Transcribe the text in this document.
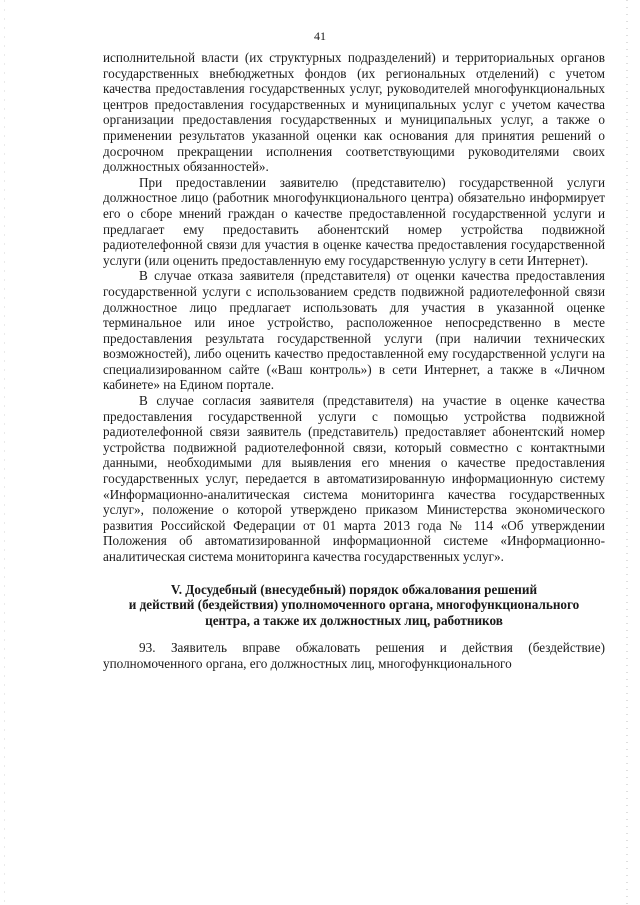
41

исполнительной власти (их структурных подразделений) и территориальных органов государственных внебюджетных фондов (их региональных отделений) с учетом качества предоставления государственных услуг, руководителей многофункциональных центров предоставления государственных и муниципальных услуг с учетом качества организации предоставления государственных и муниципальных услуг, а также о применении результатов указанной оценки как основания для принятия решений о досрочном прекращении исполнения соответствующими руководителями своих должностных обязанностей».

При предоставлении заявителю (представителю) государственной услуги должностное лицо (работник многофункционального центра) обязательно информирует его о сборе мнений граждан о качестве предоставленной государственной услуги и предлагает ему предоставить абонентский номер устройства подвижной радиотелефонной связи для участия в оценке качества предоставления государственной услуги (или оценить предоставленную ему государственную услугу в сети Интернет).

В случае отказа заявителя (представителя) от оценки качества предоставления государственной услуги с использованием средств подвижной радиотелефонной связи должностное лицо предлагает использовать для участия в указанной оценке терминальное или иное устройство, расположенное непосредственно в месте предоставления результата государственной услуги (при наличии технических возможностей), либо оценить качество предоставленной ему государственной услуги на специализированном сайте («Ваш контроль») в сети Интернет, а также в «Личном кабинете» на Едином портале.

В случае согласия заявителя (представителя) на участие в оценке качества предоставления государственной услуги с помощью устройства подвижной радиотелефонной связи заявитель (представитель) предоставляет абонентский номер устройства подвижной радиотелефонной связи, который совместно с контактными данными, необходимыми для выявления его мнения о качестве предоставления государственных услуг, передается в автоматизированную информационную систему «Информационно-аналитическая система мониторинга качества государственных услуг», положение о которой утверждено приказом Министерства экономического развития Российской Федерации от 01 марта 2013 года № 114 «Об утверждении Положения об автоматизированной информационной системе «Информационно-аналитическая система мониторинга качества государственных услуг».

V. Досудебный (внесудебный) порядок обжалования решений
и действий (бездействия) уполномоченного органа, многофункционального
центра, а также их должностных лиц, работников

93. Заявитель вправе обжаловать решения и действия (бездействие) уполномоченного органа, его должностных лиц, многофункционального
